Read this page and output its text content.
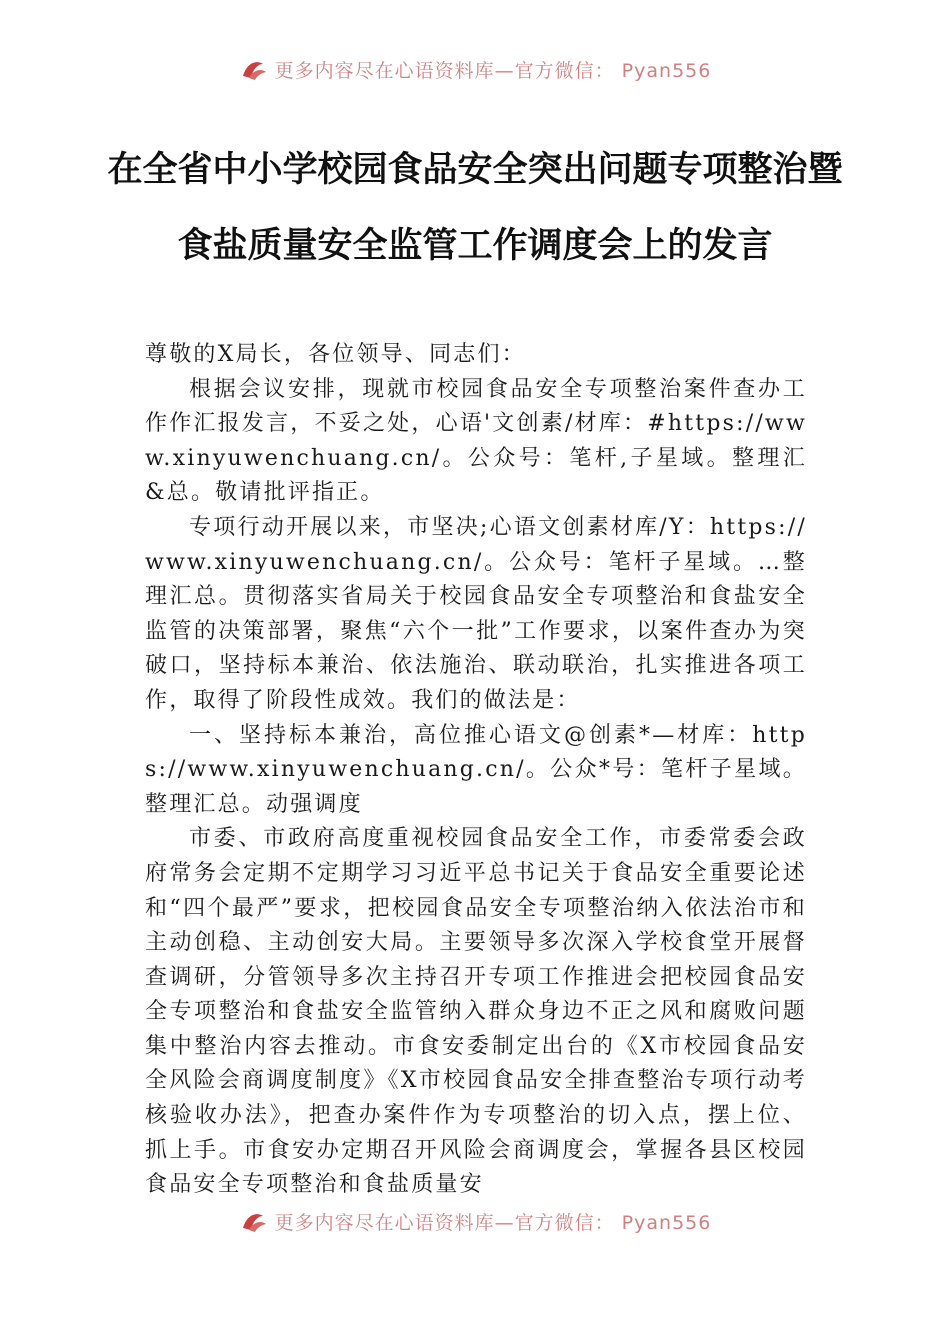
更多内容尽在心语资料库—官方微信： Pyan556
在全省中小学校园食品安全突出问题专项整治暨食盐质量安全监管工作调度会上的发言

尊敬的X局长，各位领导、同志们：

根据会议安排，现就市校园食品安全专项整治案件查办工作作汇报发言，不妥之处，心语'文创素/材库：#https://www.xinyuwenchuang.cn/。公众号：笔杆,子星域。整理汇&总。敬请批评指正。

专项行动开展以来，市坚决;心语文创素材库/Y：https://www.xinyuwenchuang.cn/。公众号：笔杆子星域。…整理汇总。贯彻落实省局关于校园食品安全专项整治和食盐安全监管的决策部署，聚焦“六个一批”工作要求，以案件查办为突破口，坚持标本兼治、依法施治、联动联治，扎实推进各项工作，取得了阶段性成效。我们的做法是：

一、坚持标本兼治，高位推心语文@创素*—材库：https://www.xinyuwenchuang.cn/。公众*号：笔杆子星域。整理汇总。动强调度

市委、市政府高度重视校园食品安全工作，市委常委会政府常务会定期不定期学习习近平总书记关于食品安全重要论述和“四个最严”要求，把校园食品安全专项整治纳入依法治市和主动创稳、主动创安大局。主要领导多次深入学校食堂开展督查调研，分管领导多次主持召开专项工作推进会把校园食品安全专项整治和食盐安全监管纳入群众身边不正之风和腐败问题集中整治内容去推动。市食安委制定出台的《X市校园食品安全风险会商调度制度》《X市校园食品安全排查整治专项行动考核验收办法》，把查办案件作为专项整治的切入点，摆上位、抓上手。市食安办定期召开风险会商调度会，掌握各县区校园食品安全专项整治和食盐质量安

更多内容尽在心语资料库—官方微信： Pyan556
